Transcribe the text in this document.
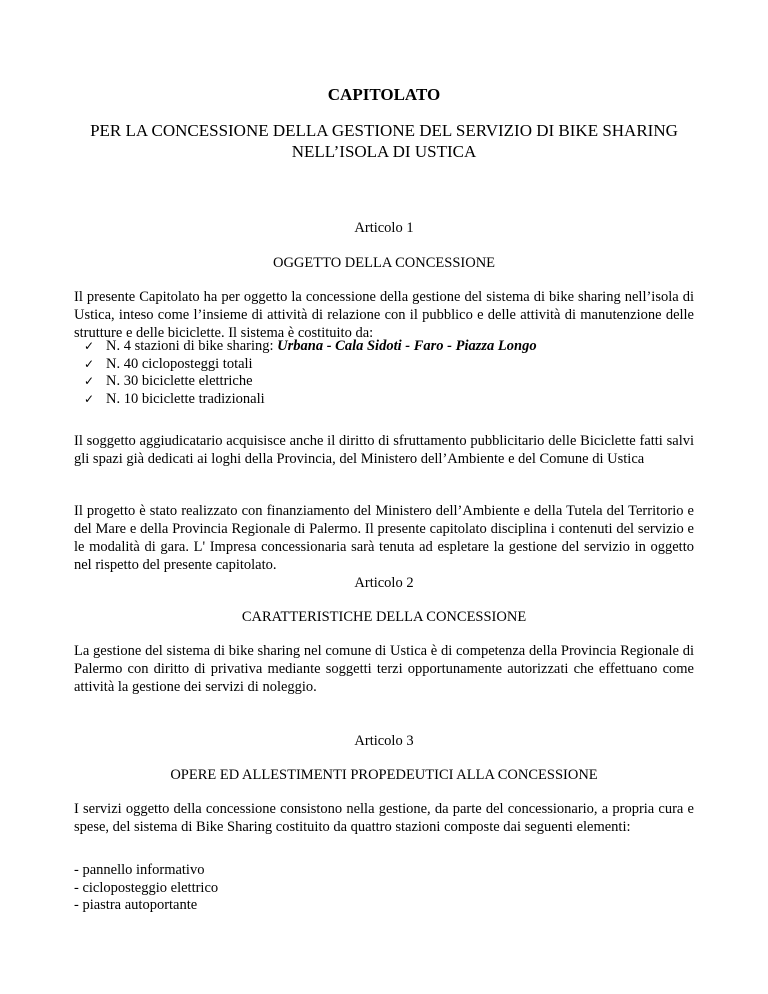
CAPITOLATO
PER LA CONCESSIONE DELLA GESTIONE DEL SERVIZIO DI BIKE SHARING
NELL’ISOLA DI USTICA
Articolo 1
OGGETTO DELLA CONCESSIONE
Il presente Capitolato ha per oggetto la concessione della gestione del sistema di bike sharing nell’isola di Ustica, inteso come l’insieme di attività di relazione con il pubblico e delle attività di manutenzione delle strutture e delle biciclette. Il sistema è costituito da:
✓ N. 4 stazioni di bike sharing: Urbana - Cala Sidoti - Faro - Piazza Longo
✓ N. 40 cicloposteggi totali
✓ N. 30 biciclette elettriche
✓ N. 10 biciclette tradizionali
Il soggetto aggiudicatario acquisisce anche il diritto di sfruttamento pubblicitario delle Biciclette fatti salvi gli spazi già dedicati ai loghi della Provincia, del Ministero dell’Ambiente e del Comune di Ustica
Il progetto è stato realizzato con finanziamento del Ministero dell’Ambiente e della Tutela del Territorio e del Mare e della Provincia Regionale di Palermo. Il presente capitolato disciplina i contenuti del servizio e le modalità di gara. L' Impresa concessionaria sarà tenuta ad espletare la gestione del servizio in oggetto nel rispetto del presente capitolato.
Articolo 2
CARATTERISTICHE DELLA CONCESSIONE
La gestione del sistema di bike sharing nel comune di Ustica è di competenza della Provincia Regionale di Palermo con diritto di privativa mediante soggetti terzi opportunamente autorizzati che effettuano come attività la gestione dei servizi di noleggio.
Articolo 3
OPERE ED ALLESTIMENTI PROPEDEUTICI ALLA CONCESSIONE
I servizi oggetto della concessione consistono nella gestione, da parte del concessionario, a propria cura e spese, del sistema di Bike Sharing costituito da quattro stazioni composte dai seguenti elementi:
- pannello informativo
- cicloposteggio elettrico
- piastra autoportante
